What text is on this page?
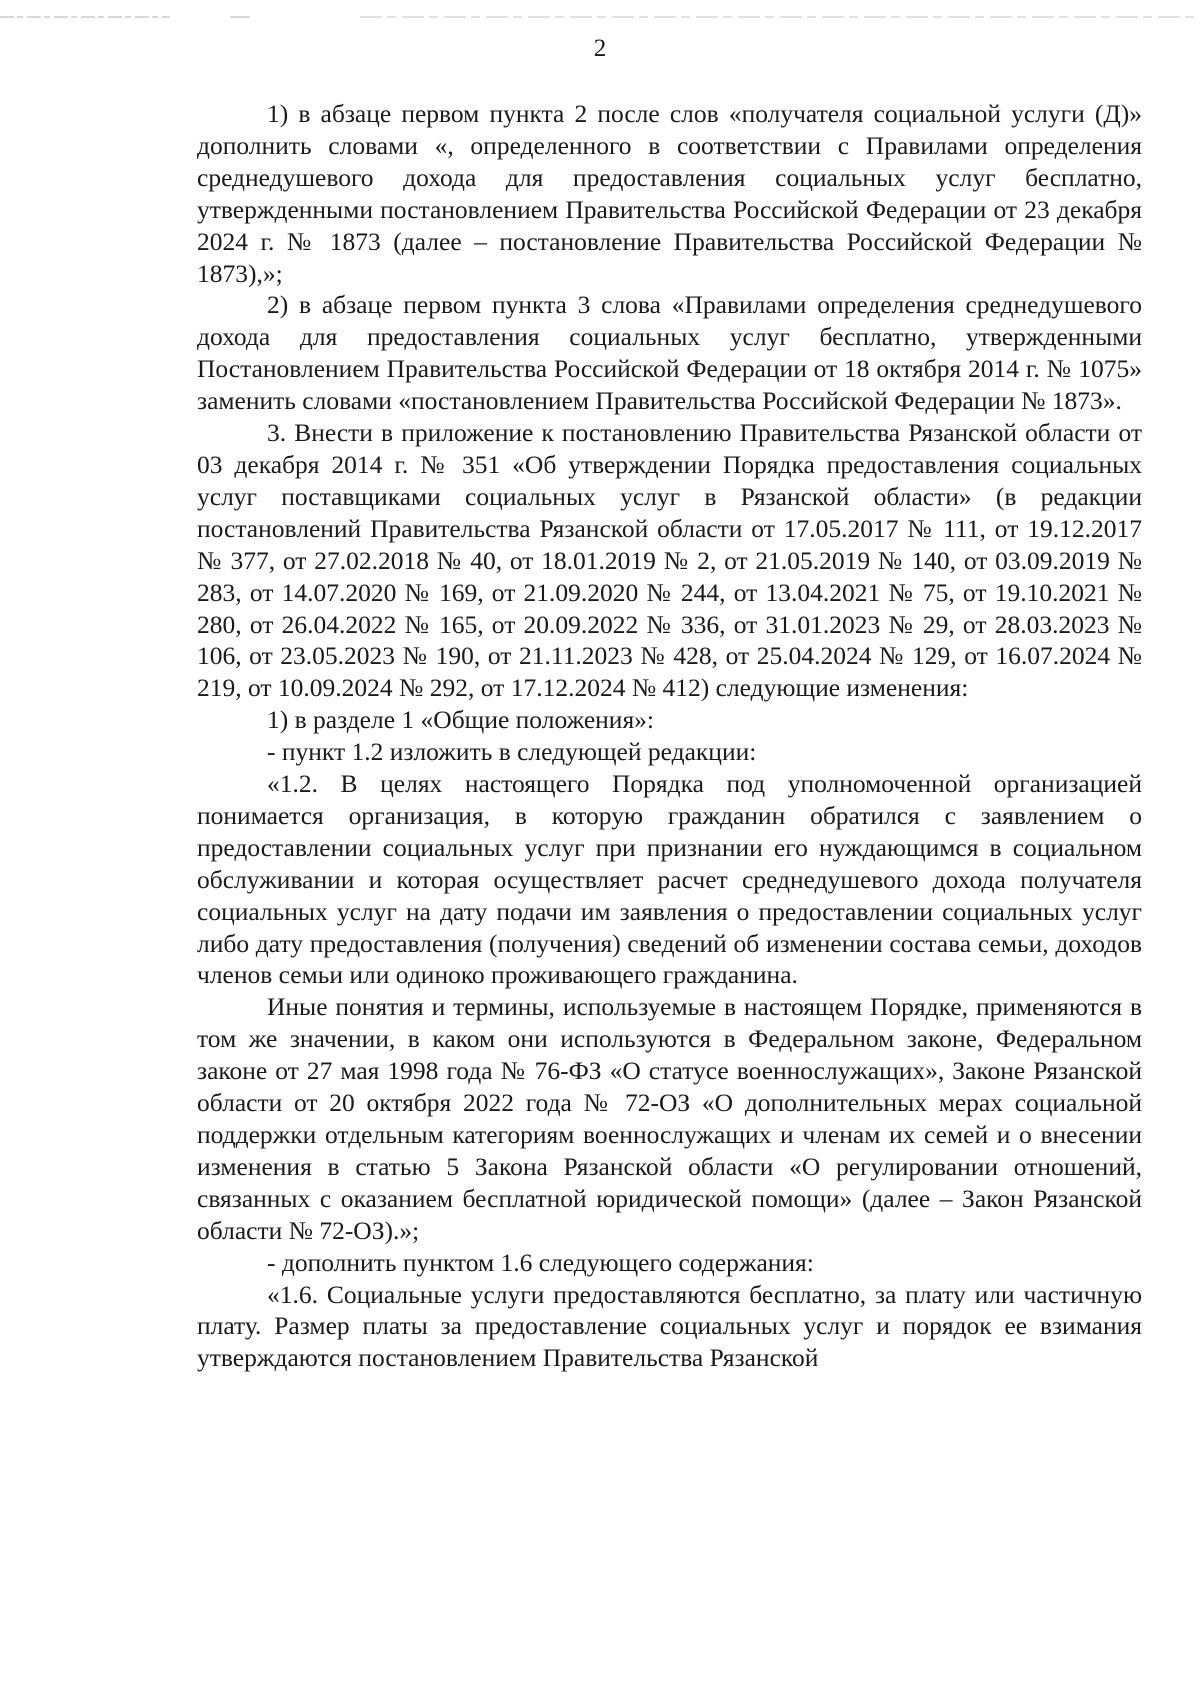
2

1) в абзаце первом пункта 2 после слов «получателя социальной услуги (Д)» дополнить словами «, определенного в соответствии с Правилами определения среднедушевого дохода для предоставления социальных услуг бесплатно, утвержденными постановлением Правительства Российской Федерации от 23 декабря 2024 г. № 1873 (далее – постановление Правительства Российской Федерации № 1873),»;

2) в абзаце первом пункта 3 слова «Правилами определения среднедушевого дохода для предоставления социальных услуг бесплатно, утвержденными Постановлением Правительства Российской Федерации от 18 октября 2014 г. № 1075» заменить словами «постановлением Правительства Российской Федерации № 1873».

3. Внести в приложение к постановлению Правительства Рязанской области от 03 декабря 2014 г. № 351 «Об утверждении Порядка предоставления социальных услуг поставщиками социальных услуг в Рязанской области» (в редакции постановлений Правительства Рязанской области от 17.05.2017 № 111, от 19.12.2017 № 377, от 27.02.2018 № 40, от 18.01.2019 № 2, от 21.05.2019 № 140, от 03.09.2019 № 283, от 14.07.2020 № 169, от 21.09.2020 № 244, от 13.04.2021 № 75, от 19.10.2021 № 280, от 26.04.2022 № 165, от 20.09.2022 № 336, от 31.01.2023 № 29, от 28.03.2023 № 106, от 23.05.2023 № 190, от 21.11.2023 № 428, от 25.04.2024 № 129, от 16.07.2024 № 219, от 10.09.2024 № 292, от 17.12.2024 № 412) следующие изменения:

1) в разделе 1 «Общие положения»:

- пункт 1.2 изложить в следующей редакции:

«1.2. В целях настоящего Порядка под уполномоченной организацией понимается организация, в которую гражданин обратился с заявлением о предоставлении социальных услуг при признании его нуждающимся в социальном обслуживании и которая осуществляет расчет среднедушевого дохода получателя социальных услуг на дату подачи им заявления о предоставлении социальных услуг либо дату предоставления (получения) сведений об изменении состава семьи, доходов членов семьи или одиноко проживающего гражданина.

Иные понятия и термины, используемые в настоящем Порядке, применяются в том же значении, в каком они используются в Федеральном законе, Федеральном законе от 27 мая 1998 года № 76-ФЗ «О статусе военнослужащих», Законе Рязанской области от 20 октября 2022 года № 72-ОЗ «О дополнительных мерах социальной поддержки отдельным категориям военнослужащих и членам их семей и о внесении изменения в статью 5 Закона Рязанской области «О регулировании отношений, связанных с оказанием бесплатной юридической помощи» (далее – Закон Рязанской области № 72-ОЗ).»;

- дополнить пунктом 1.6 следующего содержания:

«1.6. Социальные услуги предоставляются бесплатно, за плату или частичную плату. Размер платы за предоставление социальных услуг и порядок ее взимания утверждаются постановлением Правительства Рязанской
